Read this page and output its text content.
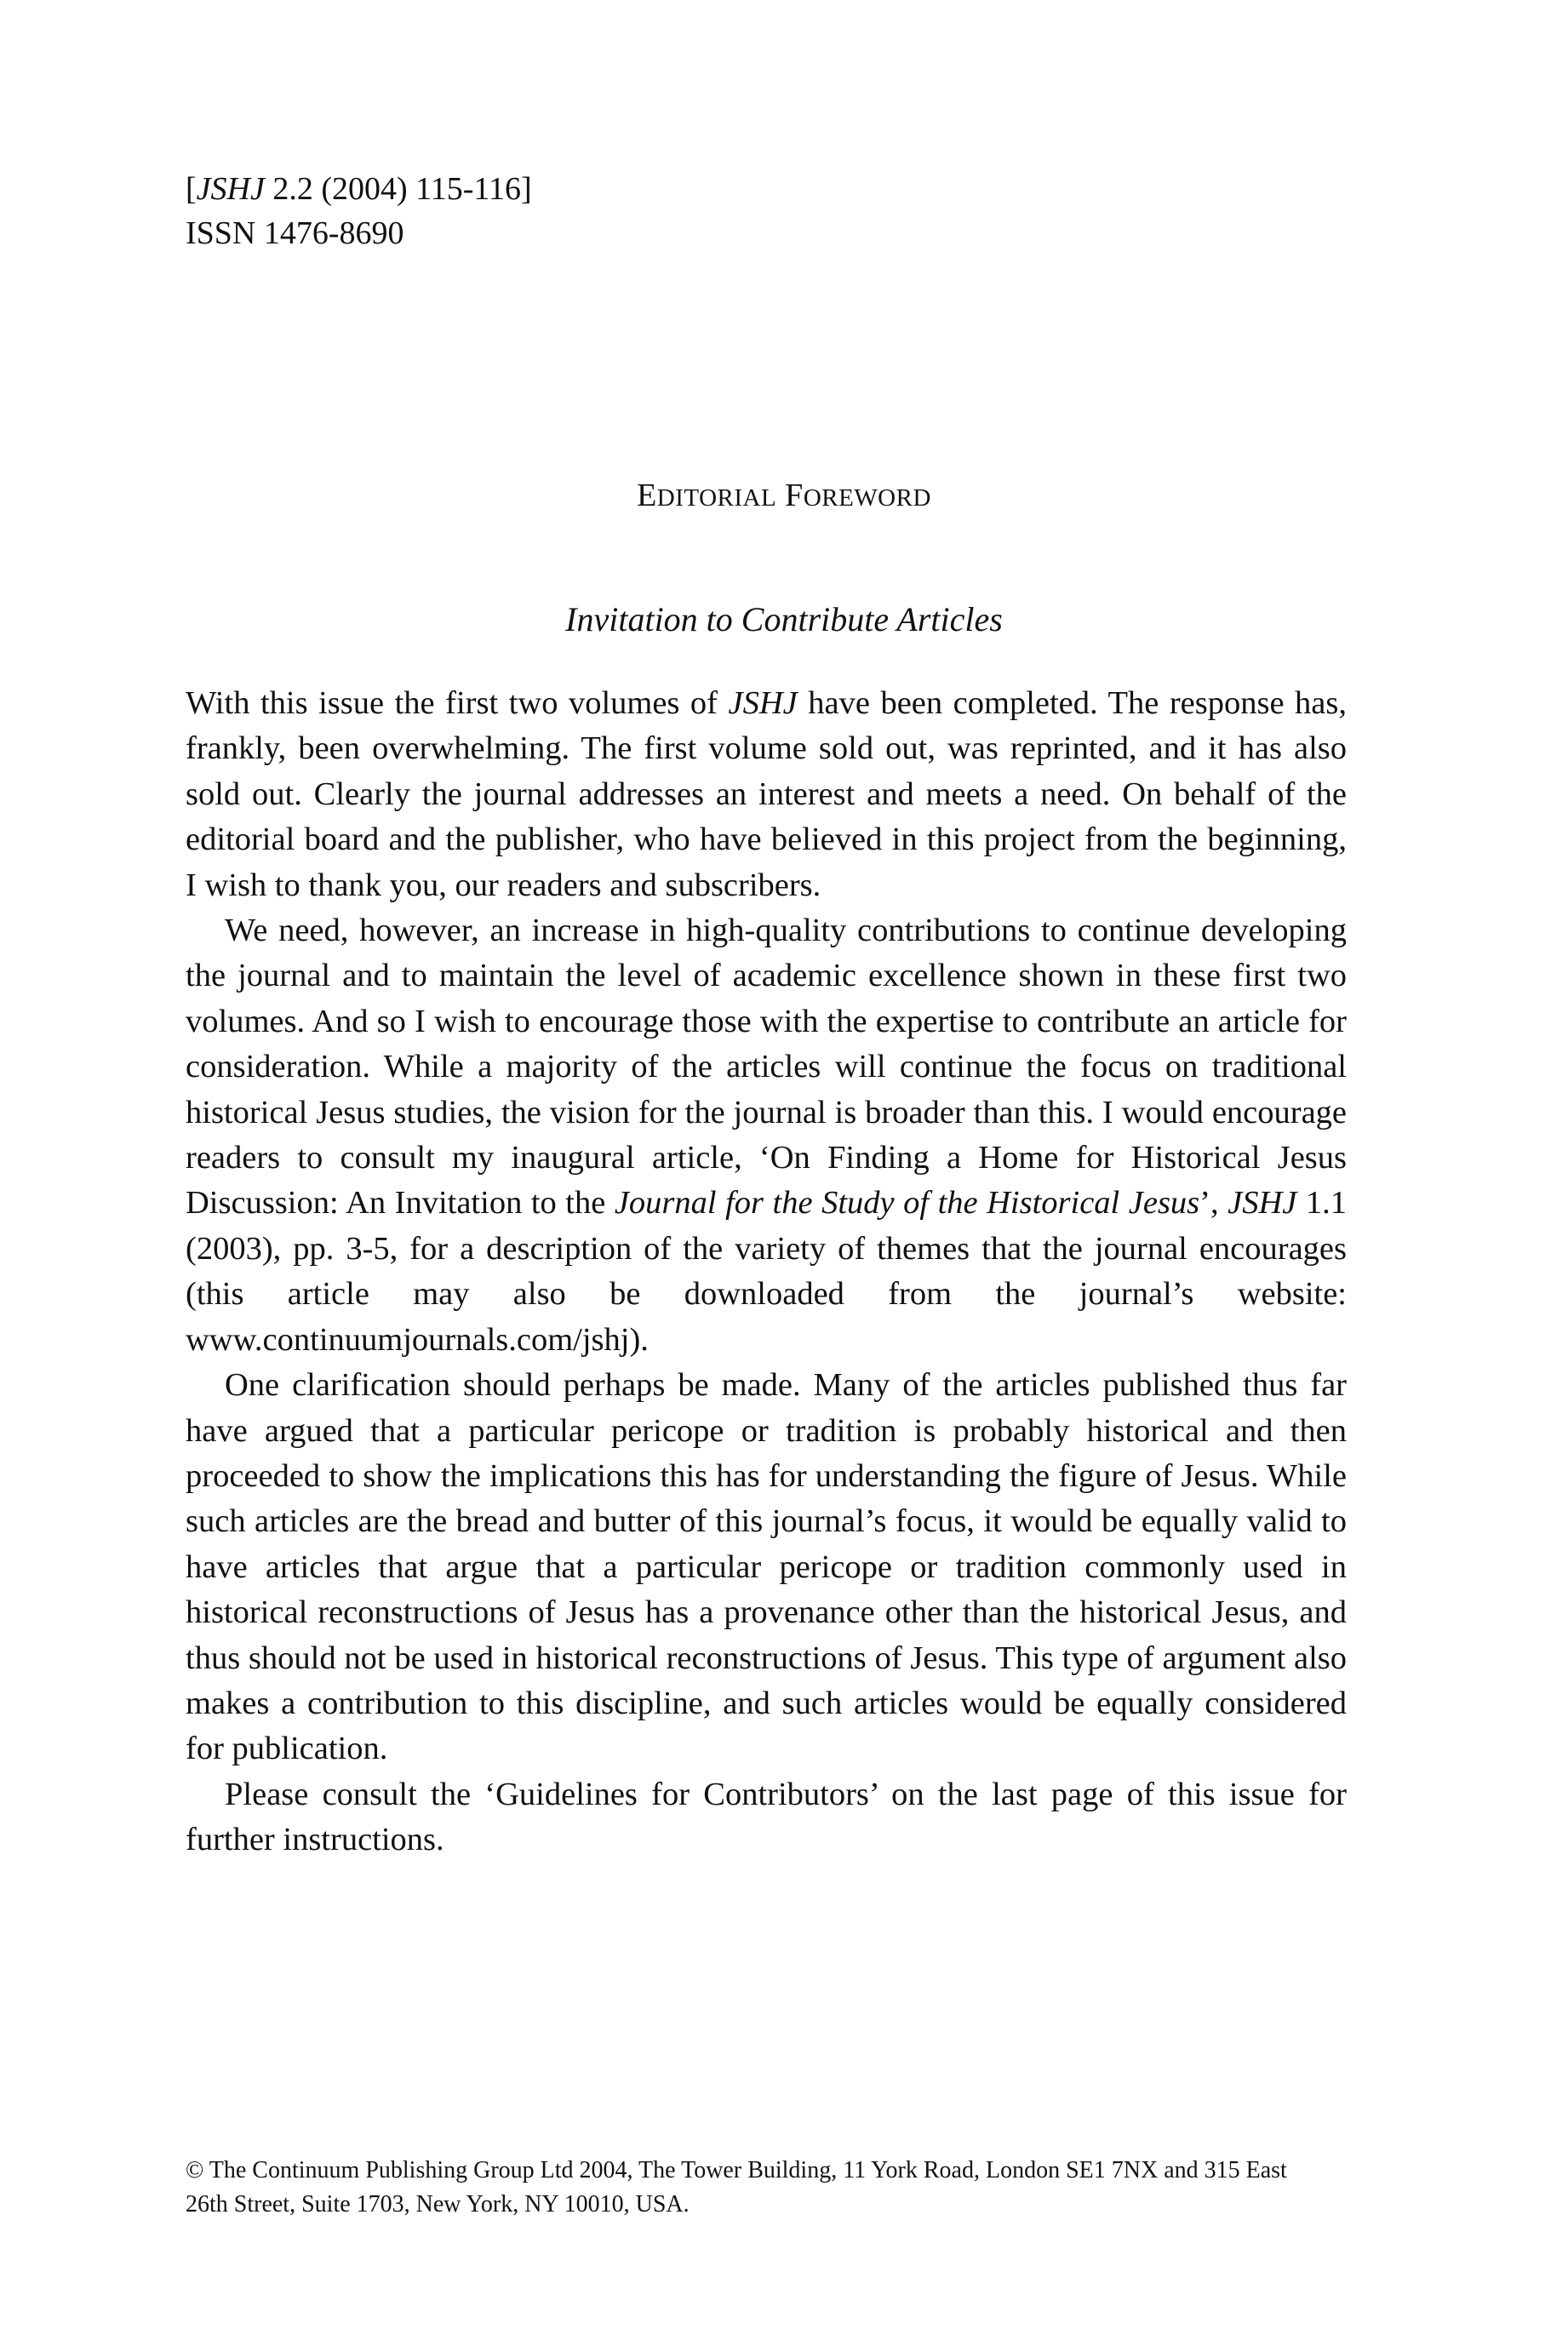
[JSHJ 2.2 (2004) 115-116]
ISSN 1476-8690
EDITORIAL FOREWORD
Invitation to Contribute Articles

With this issue the first two volumes of JSHJ have been completed. The response has, frankly, been overwhelming. The first volume sold out, was reprinted, and it has also sold out. Clearly the journal addresses an interest and meets a need. On behalf of the editorial board and the publisher, who have believed in this project from the beginning, I wish to thank you, our readers and subscribers.

We need, however, an increase in high-quality contributions to continue developing the journal and to maintain the level of academic excellence shown in these first two volumes. And so I wish to encourage those with the expertise to contribute an article for consideration. While a majority of the articles will continue the focus on traditional historical Jesus studies, the vision for the journal is broader than this. I would encourage readers to consult my inaugural article, ‘On Finding a Home for Historical Jesus Discussion: An Invitation to the Journal for the Study of the Historical Jesus’, JSHJ 1.1 (2003), pp. 3-5, for a description of the variety of themes that the journal encourages (this article may also be downloaded from the journal’s website: www.continuumjournals.com/jshj).

One clarification should perhaps be made. Many of the articles published thus far have argued that a particular pericope or tradition is probably historical and then proceeded to show the implications this has for understanding the figure of Jesus. While such articles are the bread and butter of this journal’s focus, it would be equally valid to have articles that argue that a particular pericope or tradition commonly used in historical reconstructions of Jesus has a provenance other than the historical Jesus, and thus should not be used in historical reconstructions of Jesus. This type of argument also makes a contribution to this discipline, and such articles would be equally considered for publication.

Please consult the ‘Guidelines for Contributors’ on the last page of this issue for further instructions.

© The Continuum Publishing Group Ltd 2004, The Tower Building, 11 York Road, London SE1 7NX and 315 East
26th Street, Suite 1703, New York, NY 10010, USA.
